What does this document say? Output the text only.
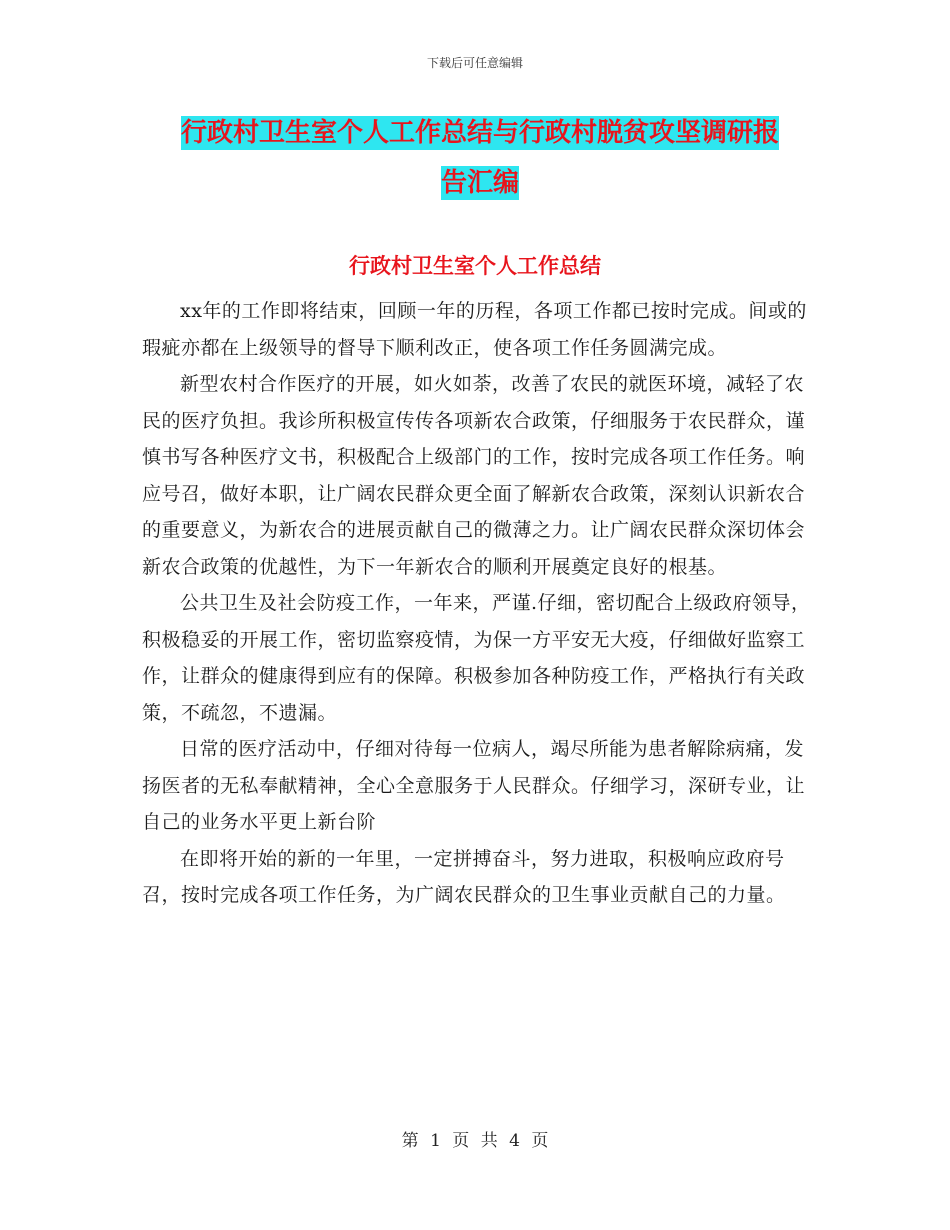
下载后可任意编辑
行政村卫生室个人工作总结与行政村脱贫攻坚调研报
告汇编
行政村卫生室个人工作总结

xx年的工作即将结束，回顾一年的历程，各项工作都已按时完成。间或的瑕疵亦都在上级领导的督导下顺利改正，使各项工作任务圆满完成。

新型农村合作医疗的开展，如火如荼，改善了农民的就医环境，减轻了农民的医疗负担。我诊所积极宣传传各项新农合政策，仔细服务于农民群众，谨慎书写各种医疗文书，积极配合上级部门的工作，按时完成各项工作任务。响应号召，做好本职，让广阔农民群众更全面了解新农合政策，深刻认识新农合的重要意义，为新农合的进展贡献自己的微薄之力。让广阔农民群众深切体会新农合政策的优越性，为下一年新农合的顺利开展奠定良好的根基。

公共卫生及社会防疫工作，一年来，严谨.仔细，密切配合上级政府领导，积极稳妥的开展工作，密切监察疫情，为保一方平安无大疫，仔细做好监察工作，让群众的健康得到应有的保障。积极参加各种防疫工作，严格执行有关政策，不疏忽，不遗漏。

日常的医疗活动中，仔细对待每一位病人，竭尽所能为患者解除病痛，发扬医者的无私奉献精神，全心全意服务于人民群众。仔细学习，深研专业，让自己的业务水平更上新台阶

在即将开始的新的一年里，一定拼搏奋斗，努力进取，积极响应政府号召，按时完成各项工作任务，为广阔农民群众的卫生事业贡献自己的力量。

第 1 页 共 4 页
